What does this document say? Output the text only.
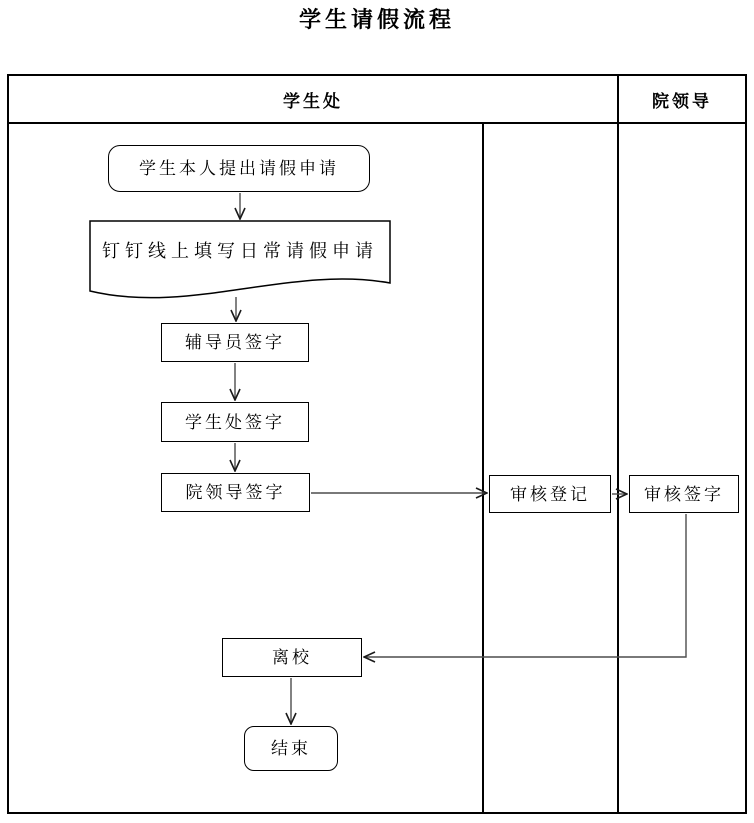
学生请假流程
学生处	院领导
学生本人提出请假申请
钉钉线上填写日常请假申请
辅导员签字
学生处签字
院领导签字	审核登记	审核签字
离校
结束
